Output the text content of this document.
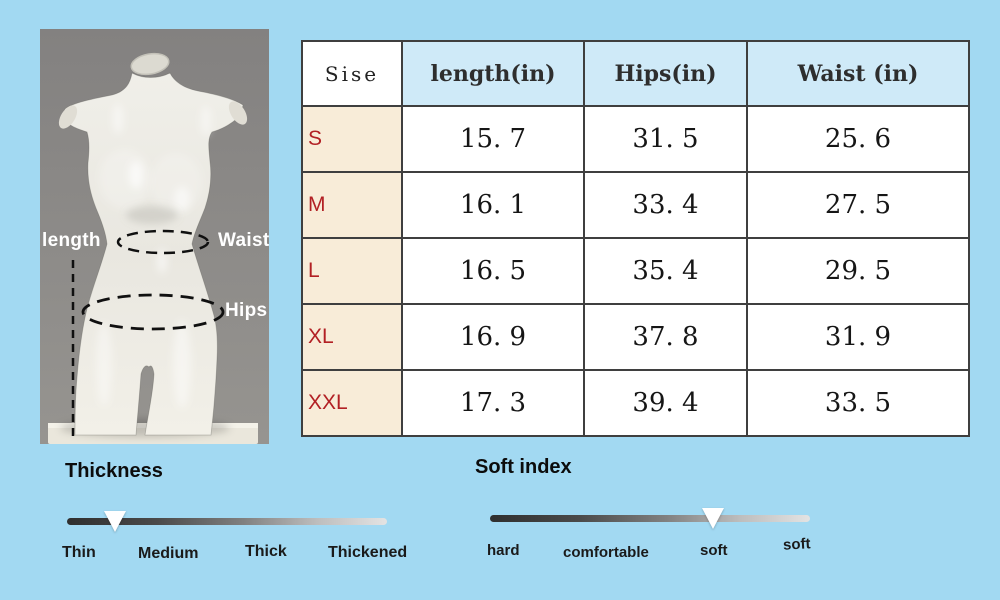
length	Waist
Hips
Sise	length(in)	Hips(in)	Waist (in)
S	15. 7	31. 5	25. 6
M	16. 1	33. 4	27. 5
L	16. 5	35. 4	29. 5
XL	16. 9	37. 8	31. 9
XXL	17. 3	39. 4	33. 5
Thickness
Thin	Medium	Thick	Thickened
Soft index
hard	comfortable	soft	soft
